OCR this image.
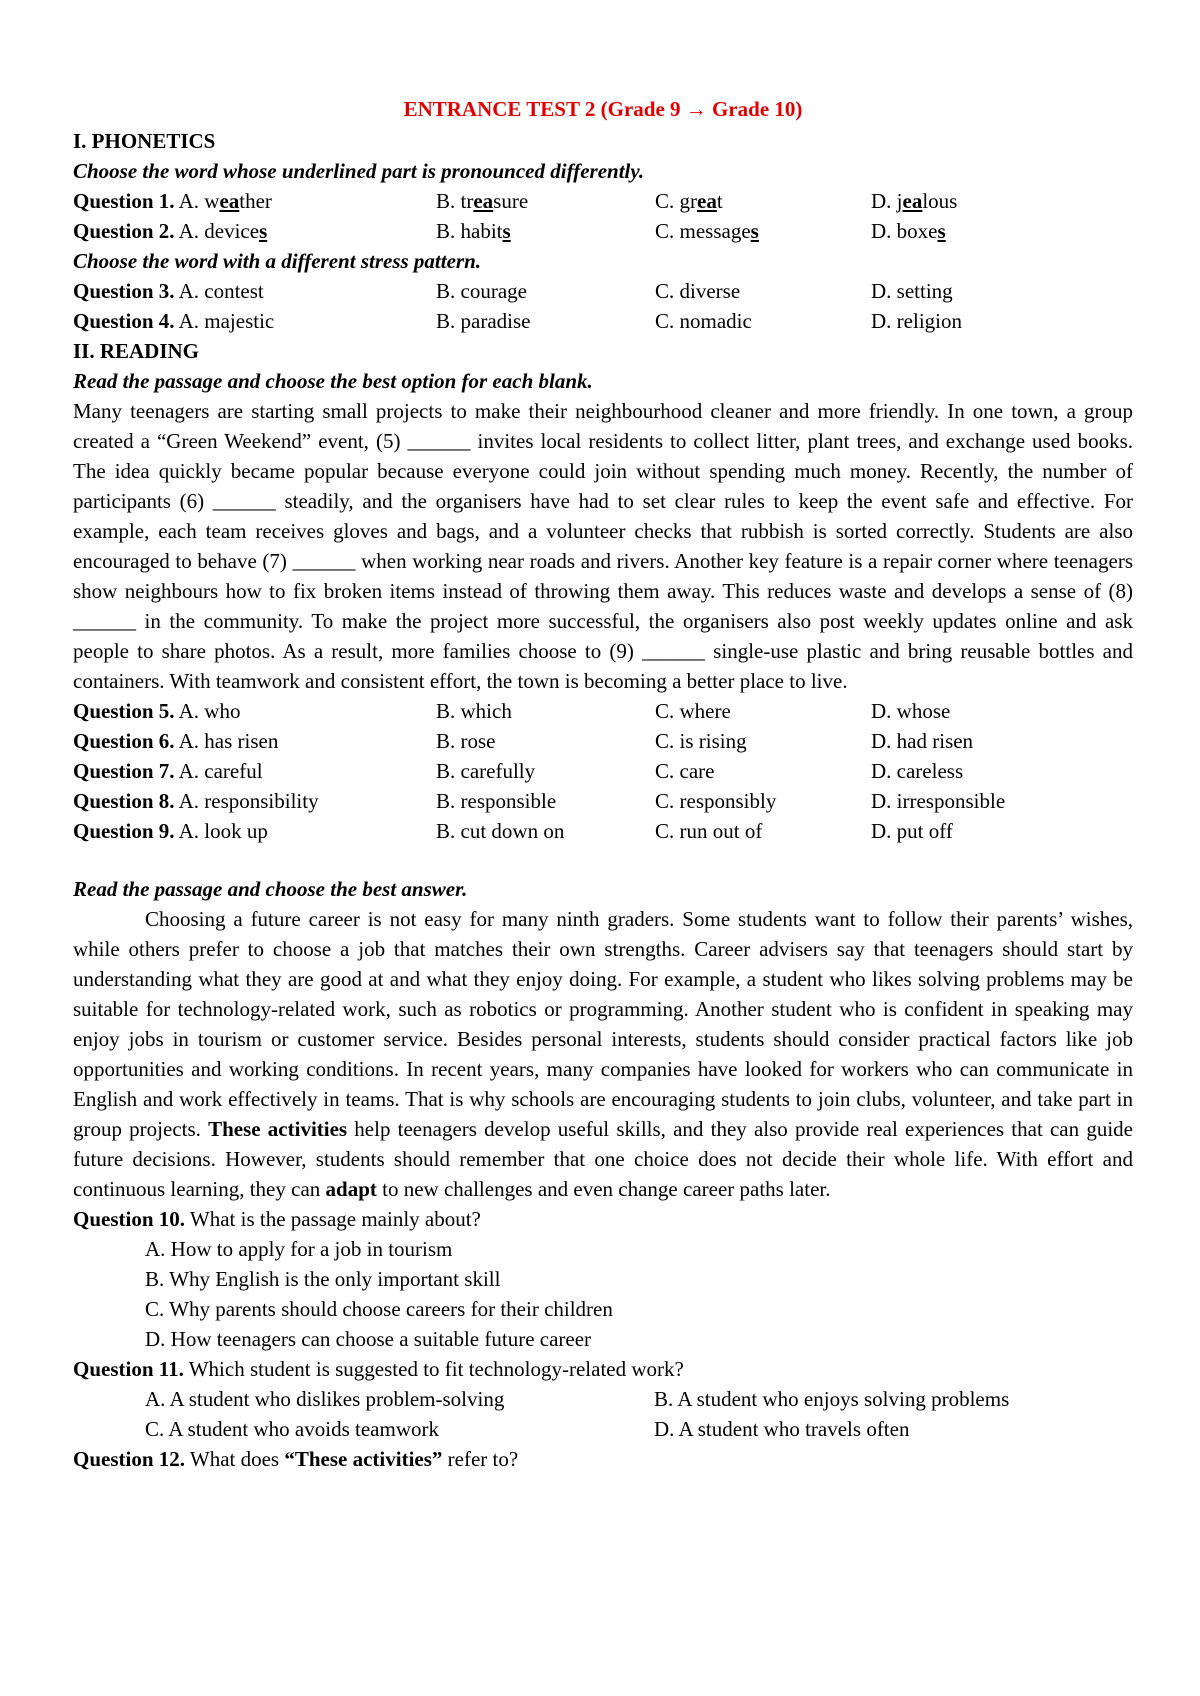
ENTRANCE TEST 2 (Grade 9 → Grade 10)
I. PHONETICS
Choose the word whose underlined part is pronounced differently.
Question 1. A. weather	B. treasure	C. great	D. jealous
Question 2. A. devices	B. habits	C. messages	D. boxes
Choose the word with a different stress pattern.
Question 3. A. contest	B. courage	C. diverse	D. setting
Question 4. A. majestic	B. paradise	C. nomadic	D. religion
II. READING
Read the passage and choose the best option for each blank.
Many teenagers are starting small projects to make their neighbourhood cleaner and more friendly. In one town, a group created a “Green Weekend” event, (5) ______ invites local residents to collect litter, plant trees, and exchange used books. The idea quickly became popular because everyone could join without spending much money. Recently, the number of participants (6) ______ steadily, and the organisers have had to set clear rules to keep the event safe and effective. For example, each team receives gloves and bags, and a volunteer checks that rubbish is sorted correctly. Students are also encouraged to behave (7) ______ when working near roads and rivers. Another key feature is a repair corner where teenagers show neighbours how to fix broken items instead of throwing them away. This reduces waste and develops a sense of (8) ______ in the community. To make the project more successful, the organisers also post weekly updates online and ask people to share photos. As a result, more families choose to (9) ______ single-use plastic and bring reusable bottles and containers. With teamwork and consistent effort, the town is becoming a better place to live.
Question 5. A. who	B. which	C. where	D. whose
Question 6. A. has risen	B. rose	C. is rising	D. had risen
Question 7. A. careful	B. carefully	C. care	D. careless
Question 8. A. responsibility	B. responsible	C. responsibly	D. irresponsible
Question 9. A. look up	B. cut down on	C. run out of	D. put off
Read the passage and choose the best answer.
Choosing a future career is not easy for many ninth graders. Some students want to follow their parents’ wishes, while others prefer to choose a job that matches their own strengths. Career advisers say that teenagers should start by understanding what they are good at and what they enjoy doing. For example, a student who likes solving problems may be suitable for technology-related work, such as robotics or programming. Another student who is confident in speaking may enjoy jobs in tourism or customer service. Besides personal interests, students should consider practical factors like job opportunities and working conditions. In recent years, many companies have looked for workers who can communicate in English and work effectively in teams. That is why schools are encouraging students to join clubs, volunteer, and take part in group projects. These activities help teenagers develop useful skills, and they also provide real experiences that can guide future decisions. However, students should remember that one choice does not decide their whole life. With effort and continuous learning, they can adapt to new challenges and even change career paths later.
Question 10. What is the passage mainly about?
A. How to apply for a job in tourism
B. Why English is the only important skill
C. Why parents should choose careers for their children
D. How teenagers can choose a suitable future career
Question 11. Which student is suggested to fit technology-related work?
A. A student who dislikes problem-solving	B. A student who enjoys solving problems
C. A student who avoids teamwork	D. A student who travels often
Question 12. What does “These activities” refer to?
